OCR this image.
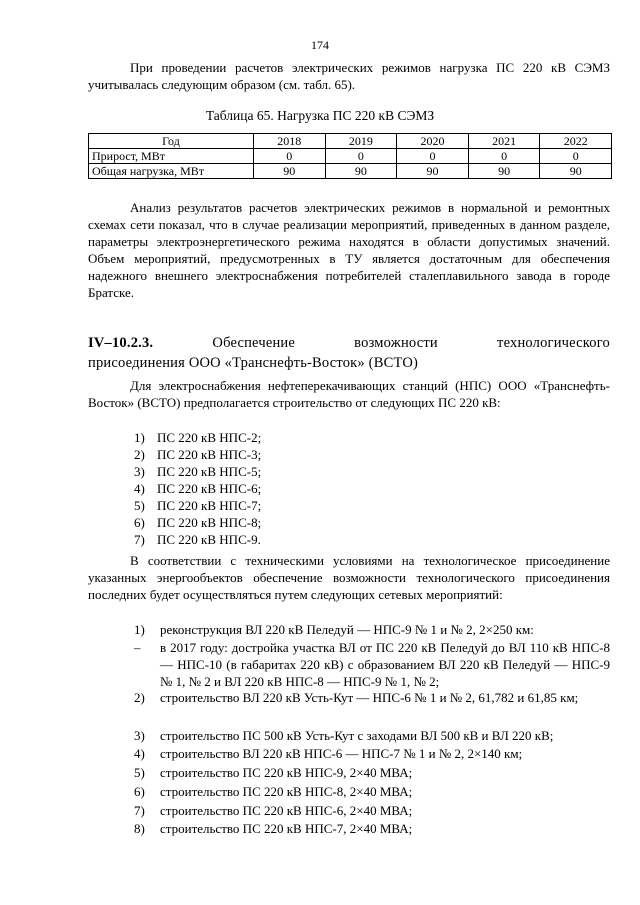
174

При проведении расчетов электрических режимов нагрузка ПС 220 кВ СЭМЗ учитывалась следующим образом (см. табл. 65).

Таблица 65. Нагрузка ПС 220 кВ СЭМЗ
Год	2018	2019	2020	2021	2022
Прирост, МВт	0	0	0	0	0
Общая нагрузка, МВт	90	90	90	90	90

Анализ результатов расчетов электрических режимов в нормальной и ремонтных схемах сети показал, что в случае реализации мероприятий, приведенных в данном разделе, параметры электроэнергетического режима находятся в области допустимых значений. Объем мероприятий, предусмотренных в ТУ является достаточным для обеспечения надежного внешнего электроснабжения потребителей сталеплавильного завода в городе Братске.

IV–10.2.3.	Обеспечение возможности технологического
присоединения ООО «Транснефть-Восток» (ВСТО)

Для электроснабжения нефтеперекачивающих станций (НПС) ООО «Транснефть-Восток» (ВСТО) предполагается строительство от следующих ПС 220 кВ:

1) ПС 220 кВ НПС-2;
2) ПС 220 кВ НПС-3;
3) ПС 220 кВ НПС-5;
4) ПС 220 кВ НПС-6;
5) ПС 220 кВ НПС-7;
6) ПС 220 кВ НПС-8;
7) ПС 220 кВ НПС-9.

В соответствии с техническими условиями на технологическое присоединение указанных энергообъектов обеспечение возможности технологического присоединения последних будет осуществляться путем следующих сетевых мероприятий:

1) реконструкция ВЛ 220 кВ Пеледуй — НПС-9 № 1 и № 2, 2×250 км:
– в 2017 году: достройка участка ВЛ от ПС 220 кВ Пеледуй до ВЛ 110 кВ НПС-8 — НПС-10 (в габаритах 220 кВ) с образованием ВЛ 220 кВ Пеледуй — НПС-9 № 1, № 2 и ВЛ 220 кВ НПС-8 — НПС-9 № 1, № 2;
2) строительство ВЛ 220 кВ Усть-Кут — НПС-6 № 1 и № 2, 61,782 и 61,85 км;
3) строительство ПС 500 кВ Усть-Кут с заходами ВЛ 500 кВ и ВЛ 220 кВ;
4) строительство ВЛ 220 кВ НПС-6 — НПС-7 № 1 и № 2, 2×140 км;
5) строительство ПС 220 кВ НПС-9, 2×40 МВА;
6) строительство ПС 220 кВ НПС-8, 2×40 МВА;
7) строительство ПС 220 кВ НПС-6, 2×40 МВА;
8) строительство ПС 220 кВ НПС-7, 2×40 МВА;
